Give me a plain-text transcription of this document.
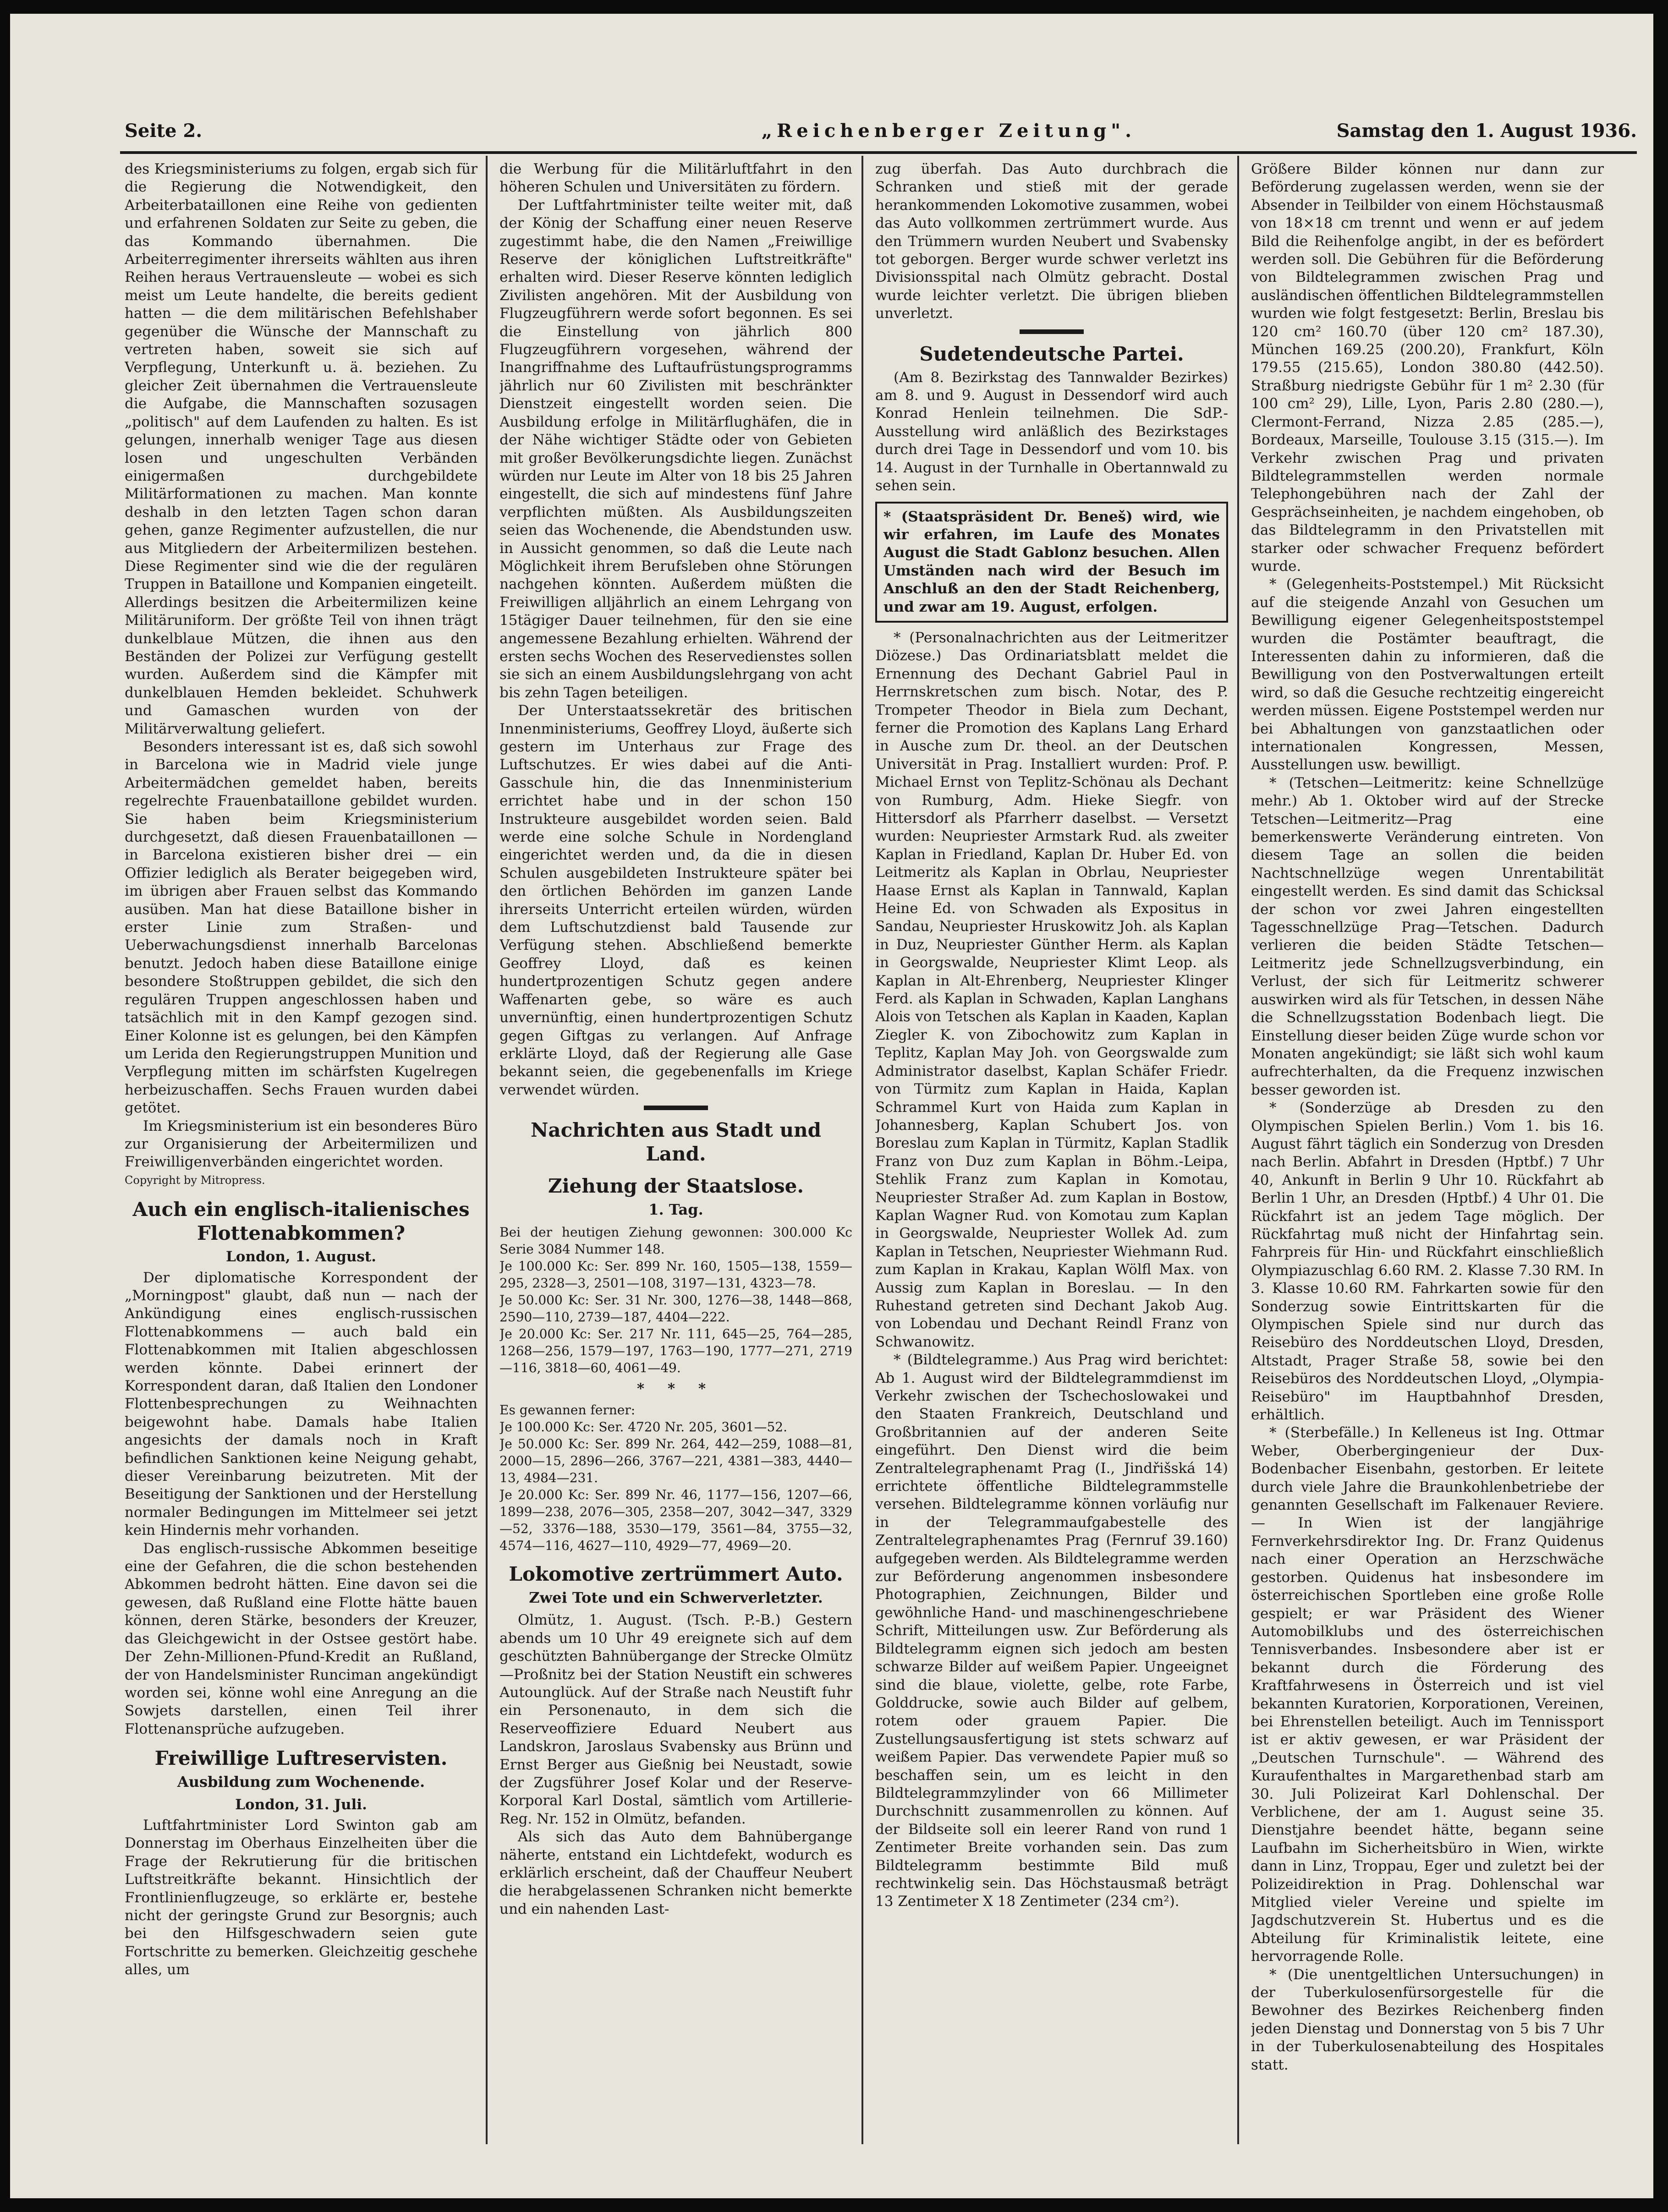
Seite 2.	„Reichenberger Zeitung".	Samstag den 1. August 1936.

des Kriegsministeriums zu folgen, ergab sich für die Regierung die Notwendigkeit, den Arbeiterbataillonen eine Reihe von gedienten und erfahrenen Soldaten zur Seite zu geben, die das Kommando übernahmen. Die Arbeiterregimenter ihrerseits wählten aus ihren Reihen heraus Vertrauensleute — wobei es sich meist um Leute handelte, die bereits gedient hatten — die dem militärischen Befehlshaber gegenüber die Wünsche der Mannschaft zu vertreten haben, soweit sie sich auf Verpflegung, Unterkunft u. ä. beziehen. Zu gleicher Zeit übernahmen die Vertrauensleute die Aufgabe, die Mannschaften sozusagen „politisch" auf dem Laufenden zu halten. Es ist gelungen, innerhalb weniger Tage aus diesen losen und ungeschulten Verbänden einigermaßen durchgebildete Militärformationen zu machen. Man konnte deshalb in den letzten Tagen schon daran gehen, ganze Regimenter aufzustellen, die nur aus Mitgliedern der Arbeitermilizen bestehen. Diese Regimenter sind wie die der regulären Truppen in Bataillone und Kompanien eingeteilt. Allerdings besitzen die Arbeitermilizen keine Militäruniform. Der größte Teil von ihnen trägt dunkelblaue Mützen, die ihnen aus den Beständen der Polizei zur Verfügung gestellt wurden. Außerdem sind die Kämpfer mit dunkelblauen Hemden bekleidet. Schuhwerk und Gamaschen wurden von der Militärverwaltung geliefert.

Besonders interessant ist es, daß sich sowohl in Barcelona wie in Madrid viele junge Arbeitermädchen gemeldet haben, bereits regelrechte Frauenbataillone gebildet wurden. Sie haben beim Kriegsministerium durchgesetzt, daß diesen Frauenbataillonen — in Barcelona existieren bisher drei — ein Offizier lediglich als Berater beigegeben wird, im übrigen aber Frauen selbst das Kommando ausüben. Man hat diese Bataillone bisher in erster Linie zum Straßen- und Ueberwachungsdienst innerhalb Barcelonas benutzt. Jedoch haben diese Bataillone einige besondere Stoßtruppen gebildet, die sich den regulären Truppen angeschlossen haben und tatsächlich mit in den Kampf gezogen sind. Einer Kolonne ist es gelungen, bei den Kämpfen um Lerida den Regierungstruppen Munition und Verpflegung mitten im schärfsten Kugelregen herbeizuschaffen. Sechs Frauen wurden dabei getötet.

Im Kriegsministerium ist ein besonderes Büro zur Organisierung der Arbeitermilizen und Freiwilligenverbänden eingerichtet worden.

Copyright by Mitropress.

Auch ein englisch-italienisches Flottenabkommen?

London, 1. August.

Der diplomatische Korrespondent der „Morningpost" glaubt, daß nun — nach der Ankündigung eines englisch-russischen Flottenabkommens — auch bald ein Flottenabkommen mit Italien abgeschlossen werden könnte. Dabei erinnert der Korrespondent daran, daß Italien den Londoner Flottenbesprechungen zu Weihnachten beigewohnt habe. Damals habe Italien angesichts der damals noch in Kraft befindlichen Sanktionen keine Neigung gehabt, dieser Vereinbarung beizutreten. Mit der Beseitigung der Sanktionen und der Herstellung normaler Bedingungen im Mittelmeer sei jetzt kein Hindernis mehr vorhanden.

Das englisch-russische Abkommen beseitige eine der Gefahren, die die schon bestehenden Abkommen bedroht hätten. Eine davon sei die gewesen, daß Rußland eine Flotte hätte bauen können, deren Stärke, besonders der Kreuzer, das Gleichgewicht in der Ostsee gestört habe. Der Zehn-Millionen-Pfund-Kredit an Rußland, der von Handelsminister Runciman angekündigt worden sei, könne wohl eine Anregung an die Sowjets darstellen, einen Teil ihrer Flottenansprüche aufzugeben.

Freiwillige Luftreservisten.

Ausbildung zum Wochenende.

London, 31. Juli.

Luftfahrtminister Lord Swinton gab am Donnerstag im Oberhaus Einzelheiten über die Frage der Rekrutierung für die britischen Luftstreitkräfte bekannt. Hinsichtlich der Frontlinienflugzeuge, so erklärte er, bestehe nicht der geringste Grund zur Besorgnis; auch bei den Hilfsgeschwadern seien gute Fortschritte zu bemerken. Gleichzeitig geschehe alles, um

die Werbung für die Militärluftfahrt in den höheren Schulen und Universitäten zu fördern.

Der Luftfahrtminister teilte weiter mit, daß der König der Schaffung einer neuen Reserve zugestimmt habe, die den Namen „Freiwillige Reserve der königlichen Luftstreitkräfte" erhalten wird. Dieser Reserve könnten lediglich Zivilisten angehören. Mit der Ausbildung von Flugzeugführern werde sofort begonnen. Es sei die Einstellung von jährlich 800 Flugzeugführern vorgesehen, während der Inangriffnahme des Luftaufrüstungsprogramms jährlich nur 60 Zivilisten mit beschränkter Dienstzeit eingestellt worden seien. Die Ausbildung erfolge in Militärflughäfen, die in der Nähe wichtiger Städte oder von Gebieten mit großer Bevölkerungsdichte liegen. Zunächst würden nur Leute im Alter von 18 bis 25 Jahren eingestellt, die sich auf mindestens fünf Jahre verpflichten müßten. Als Ausbildungszeiten seien das Wochenende, die Abendstunden usw. in Aussicht genommen, so daß die Leute nach Möglichkeit ihrem Berufsleben ohne Störungen nachgehen könnten. Außerdem müßten die Freiwilligen alljährlich an einem Lehrgang von 15tägiger Dauer teilnehmen, für den sie eine angemessene Bezahlung erhielten. Während der ersten sechs Wochen des Reservedienstes sollen sie sich an einem Ausbildungslehrgang von acht bis zehn Tagen beteiligen.

Der Unterstaatssekretär des britischen Innenministeriums, Geoffrey Lloyd, äußerte sich gestern im Unterhaus zur Frage des Luftschutzes. Er wies dabei auf die Anti-Gasschule hin, die das Innenministerium errichtet habe und in der schon 150 Instrukteure ausgebildet worden seien. Bald werde eine solche Schule in Nordengland eingerichtet werden und, da die in diesen Schulen ausgebildeten Instrukteure später bei den örtlichen Behörden im ganzen Lande ihrerseits Unterricht erteilen würden, würden dem Luftschutzdienst bald Tausende zur Verfügung stehen. Abschließend bemerkte Geoffrey Lloyd, daß es keinen hundertprozentigen Schutz gegen andere Waffenarten gebe, so wäre es auch unvernünftig, einen hundertprozentigen Schutz gegen Giftgas zu verlangen. Auf Anfrage erklärte Lloyd, daß der Regierung alle Gase bekannt seien, die gegebenenfalls im Kriege verwendet würden.

Nachrichten aus Stadt und Land.

Ziehung der Staatslose.

1. Tag.

Bei der heutigen Ziehung gewonnen: 300.000 Kc Serie 3084 Nummer 148.

Je 100.000 Kc: Ser. 899 Nr. 160, 1505—138, 1559—295, 2328—3, 2501—108, 3197—131, 4323—78.

Je 50.000 Kc: Ser. 31 Nr. 300, 1276—38, 1448—868, 2590—110, 2739—187, 4404—222.

Je 20.000 Kc: Ser. 217 Nr. 111, 645—25, 764—285, 1268—256, 1579—197, 1763—190, 1777—271, 2719—116, 3818—60, 4061—49.

* * *

Es gewannen ferner:

Je 100.000 Kc: Ser. 4720 Nr. 205, 3601—52.

Je 50.000 Kc: Ser. 899 Nr. 264, 442—259, 1088—81, 2000—15, 2896—266, 3767—221, 4381—383, 4440—13, 4984—231.

Je 20.000 Kc: Ser. 899 Nr. 46, 1177—156, 1207—66, 1899—238, 2076—305, 2358—207, 3042—347, 3329—52, 3376—188, 3530—179, 3561—84, 3755—32, 4574—116, 4627—110, 4929—77, 4969—20.

Lokomotive zertrümmert Auto.

Zwei Tote und ein Schwerverletzter.

Olmütz, 1. August. (Tsch. P.-B.) Gestern abends um 10 Uhr 49 ereignete sich auf dem geschützten Bahnübergange der Strecke Olmütz—Proßnitz bei der Station Neustift ein schweres Autounglück. Auf der Straße nach Neustift fuhr ein Personenauto, in dem sich die Reserveoffiziere Eduard Neubert aus Landskron, Jaroslaus Svabensky aus Brünn und Ernst Berger aus Gießnig bei Neustadt, sowie der Zugsführer Josef Kolar und der Reserve-Korporal Karl Dostal, sämtlich vom Artillerie-Reg. Nr. 152 in Olmütz, befanden.

Als sich das Auto dem Bahnübergange näherte, entstand ein Lichtdefekt, wodurch es erklärlich erscheint, daß der Chauffeur Neubert die herabgelassenen Schranken nicht bemerkte und ein nahenden Last-

zug überfah. Das Auto durchbrach die Schranken und stieß mit der gerade herankommenden Lokomotive zusammen, wobei das Auto vollkommen zertrümmert wurde. Aus den Trümmern wurden Neubert und Svabensky tot geborgen. Berger wurde schwer verletzt ins Divisionsspital nach Olmütz gebracht. Dostal wurde leichter verletzt. Die übrigen blieben unverletzt.

Sudetendeutsche Partei.

(Am 8. Bezirkstag des Tannwalder Bezirkes) am 8. und 9. August in Dessendorf wird auch Konrad Henlein teilnehmen. Die SdP.-Ausstellung wird anläßlich des Bezirkstages durch drei Tage in Dessendorf und vom 10. bis 14. August in der Turnhalle in Obertannwald zu sehen sein.

* (Staatspräsident Dr. Beneš) wird, wie wir erfahren, im Laufe des Monates August die Stadt Gablonz besuchen. Allen Umständen nach wird der Besuch im Anschluß an den der Stadt Reichenberg, und zwar am 19. August, erfolgen.

* (Personalnachrichten aus der Leitmeritzer Diözese.) Das Ordinariatsblatt meldet die Ernennung des Dechant Gabriel Paul in Herrnskretschen zum bisch. Notar, des P. Trompeter Theodor in Biela zum Dechant, ferner die Promotion des Kaplans Lang Erhard in Ausche zum Dr. theol. an der Deutschen Universität in Prag. Installiert wurden: Prof. P. Michael Ernst von Teplitz-Schönau als Dechant von Rumburg, Adm. Hieke Siegfr. von Hittersdorf als Pfarrherr daselbst. — Versetzt wurden: Neupriester Armstark Rud. als zweiter Kaplan in Friedland, Kaplan Dr. Huber Ed. von Leitmeritz als Kaplan in Obrlau, Neupriester Haase Ernst als Kaplan in Tannwald, Kaplan Heine Ed. von Schwaden als Expositus in Sandau, Neupriester Hruskowitz Joh. als Kaplan in Duz, Neupriester Günther Herm. als Kaplan in Georgswalde, Neupriester Klimt Leop. als Kaplan in Alt-Ehrenberg, Neupriester Klinger Ferd. als Kaplan in Schwaden, Kaplan Langhans Alois von Tetschen als Kaplan in Kaaden, Kaplan Ziegler K. von Zibochowitz zum Kaplan in Teplitz, Kaplan May Joh. von Georgswalde zum Administrator daselbst, Kaplan Schäfer Friedr. von Türmitz zum Kaplan in Haida, Kaplan Schrammel Kurt von Haida zum Kaplan in Johannesberg, Kaplan Schubert Jos. von Boreslau zum Kaplan in Türmitz, Kaplan Stadlik Franz von Duz zum Kaplan in Böhm.-Leipa, Stehlik Franz zum Kaplan in Komotau, Neupriester Straßer Ad. zum Kaplan in Bostow, Kaplan Wagner Rud. von Komotau zum Kaplan in Georgswalde, Neupriester Wollek Ad. zum Kaplan in Tetschen, Neupriester Wiehmann Rud. zum Kaplan in Krakau, Kaplan Wölfl Max. von Aussig zum Kaplan in Boreslau. — In den Ruhestand getreten sind Dechant Jakob Aug. von Lobendau und Dechant Reindl Franz von Schwanowitz.

* (Bildtelegramme.) Aus Prag wird berichtet: Ab 1. August wird der Bildtelegrammdienst im Verkehr zwischen der Tschechoslowakei und den Staaten Frankreich, Deutschland und Großbritannien auf der anderen Seite eingeführt. Den Dienst wird die beim Zentraltelegraphenamt Prag (I., Jindřišská 14) errichtete öffentliche Bildtelegrammstelle versehen. Bildtelegramme können vorläufig nur in der Telegrammaufgabestelle des Zentraltelegraphenamtes Prag (Fernruf 39.160) aufgegeben werden. Als Bildtelegramme werden zur Beförderung angenommen insbesondere Photographien, Zeichnungen, Bilder und gewöhnliche Hand- und maschinengeschriebene Schrift, Mitteilungen usw. Zur Beförderung als Bildtelegramm eignen sich jedoch am besten schwarze Bilder auf weißem Papier. Ungeeignet sind die blaue, violette, gelbe, rote Farbe, Golddrucke, sowie auch Bilder auf gelbem, rotem oder grauem Papier. Die Zustellungsausfertigung ist stets schwarz auf weißem Papier. Das verwendete Papier muß so beschaffen sein, um es leicht in den Bildtelegrammzylinder von 66 Millimeter Durchschnitt zusammenrollen zu können. Auf der Bildseite soll ein leerer Rand von rund 1 Zentimeter Breite vorhanden sein. Das zum Bildtelegramm bestimmte Bild muß rechtwinkelig sein. Das Höchstausmaß beträgt 13 Zentimeter X 18 Zentimeter (234 cm²).

Größere Bilder können nur dann zur Beförderung zugelassen werden, wenn sie der Absender in Teilbilder von einem Höchstausmaß von 18×18 cm trennt und wenn er auf jedem Bild die Reihenfolge angibt, in der es befördert werden soll. Die Gebühren für die Beförderung von Bildtelegrammen zwischen Prag und ausländischen öffentlichen Bildtelegrammstellen wurden wie folgt festgesetzt: Berlin, Breslau bis 120 cm² 160.70 (über 120 cm² 187.30), München 169.25 (200.20), Frankfurt, Köln 179.55 (215.65), London 380.80 (442.50). Straßburg niedrigste Gebühr für 1 m² 2.30 (für 100 cm² 29), Lille, Lyon, Paris 2.80 (280.—), Clermont-Ferrand, Nizza 2.85 (285.—), Bordeaux, Marseille, Toulouse 3.15 (315.—). Im Verkehr zwischen Prag und privaten Bildtelegrammstellen werden normale Telephongebühren nach der Zahl der Gesprächseinheiten, je nachdem eingehoben, ob das Bildtelegramm in den Privatstellen mit starker oder schwacher Frequenz befördert wurde.

* (Gelegenheits-Poststempel.) Mit Rücksicht auf die steigende Anzahl von Gesuchen um Bewilligung eigener Gelegenheitspoststempel wurden die Postämter beauftragt, die Interessenten dahin zu informieren, daß die Bewilligung von den Postverwaltungen erteilt wird, so daß die Gesuche rechtzeitig eingereicht werden müssen. Eigene Poststempel werden nur bei Abhaltungen von ganzstaatlichen oder internationalen Kongressen, Messen, Ausstellungen usw. bewilligt.

* (Tetschen—Leitmeritz: keine Schnellzüge mehr.) Ab 1. Oktober wird auf der Strecke Tetschen—Leitmeritz—Prag eine bemerkenswerte Veränderung eintreten. Von diesem Tage an sollen die beiden Nachtschnellzüge wegen Unrentabilität eingestellt werden. Es sind damit das Schicksal der schon vor zwei Jahren eingestellten Tagesschnellzüge Prag—Tetschen. Dadurch verlieren die beiden Städte Tetschen—Leitmeritz jede Schnellzugsverbindung, ein Verlust, der sich für Leitmeritz schwerer auswirken wird als für Tetschen, in dessen Nähe die Schnellzugsstation Bodenbach liegt. Die Einstellung dieser beiden Züge wurde schon vor Monaten angekündigt; sie läßt sich wohl kaum aufrechterhalten, da die Frequenz inzwischen besser geworden ist.

* (Sonderzüge ab Dresden zu den Olympischen Spielen Berlin.) Vom 1. bis 16. August fährt täglich ein Sonderzug von Dresden nach Berlin. Abfahrt in Dresden (Hptbf.) 7 Uhr 40, Ankunft in Berlin 9 Uhr 10. Rückfahrt ab Berlin 1 Uhr, an Dresden (Hptbf.) 4 Uhr 01. Die Rückfahrt ist an jedem Tage möglich. Der Rückfahrtag muß nicht der Hinfahrtag sein. Fahrpreis für Hin- und Rückfahrt einschließlich Olympiazuschlag 6.60 RM. 2. Klasse 7.30 RM. In 3. Klasse 10.60 RM. Fahrkarten sowie für den Sonderzug sowie Eintrittskarten für die Olympischen Spiele sind nur durch das Reisebüro des Norddeutschen Lloyd, Dresden, Altstadt, Prager Straße 58, sowie bei den Reisebüros des Norddeutschen Lloyd, „Olympia-Reisebüro" im Hauptbahnhof Dresden, erhältlich.

* (Sterbefälle.) In Kelleneus ist Ing. Ottmar Weber, Oberbergingenieur der Dux-Bodenbacher Eisenbahn, gestorben. Er leitete durch viele Jahre die Braunkohlenbetriebe der genannten Gesellschaft im Falkenauer Reviere. — In Wien ist der langjährige Fernverkehrsdirektor Ing. Dr. Franz Quidenus nach einer Operation an Herzschwäche gestorben. Quidenus hat insbesondere im österreichischen Sportleben eine große Rolle gespielt; er war Präsident des Wiener Automobilklubs und des österreichischen Tennisverbandes. Insbesondere aber ist er bekannt durch die Förderung des Kraftfahrwesens in Österreich und ist viel bekannten Kuratorien, Korporationen, Vereinen, bei Ehrenstellen beteiligt. Auch im Tennissport ist er aktiv gewesen, er war Präsident der „Deutschen Turnschule". — Während des Kuraufenthaltes in Margarethenbad starb am 30. Juli Polizeirat Karl Dohlenschal. Der Verblichene, der am 1. August seine 35. Dienstjahre beendet hätte, begann seine Laufbahn im Sicherheitsbüro in Wien, wirkte dann in Linz, Troppau, Eger und zuletzt bei der Polizeidirektion in Prag. Dohlenschal war Mitglied vieler Vereine und spielte im Jagdschutzverein St. Hubertus und es die Abteilung für Kriminalistik leitete, eine hervorragende Rolle.

* (Die unentgeltlichen Untersuchungen) in der Tuberkulosenfürsorgestelle für die Bewohner des Bezirkes Reichenberg finden jeden Dienstag und Donnerstag von 5 bis 7 Uhr in der Tuberkulosenabteilung des Hospitales statt.
